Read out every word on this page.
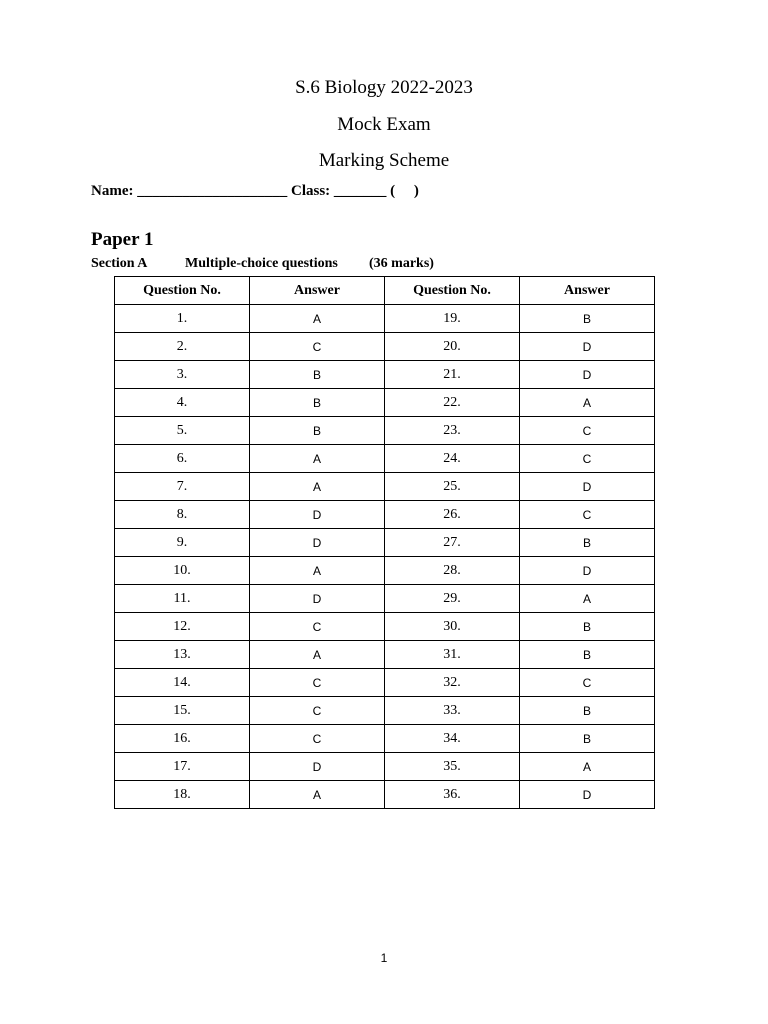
S.6 Biology 2022-2023
Mock Exam
Marking Scheme
Name: ____________________ Class: _______ (     )
Paper 1
Section A	Multiple-choice questions (36 marks)
Question No.	Answer	Question No.	Answer
1.	A	19.	B
2.	C	20.	D
3.	B	21.	D
4.	B	22.	A
5.	B	23.	C
6.	A	24.	C
7.	A	25.	D
8.	D	26.	C
9.	D	27.	B
10.	A	28.	D
11.	D	29.	A
12.	C	30.	B
13.	A	31.	B
14.	C	32.	C
15.	C	33.	B
16.	C	34.	B
17.	D	35.	A
18.	A	36.	D
1
